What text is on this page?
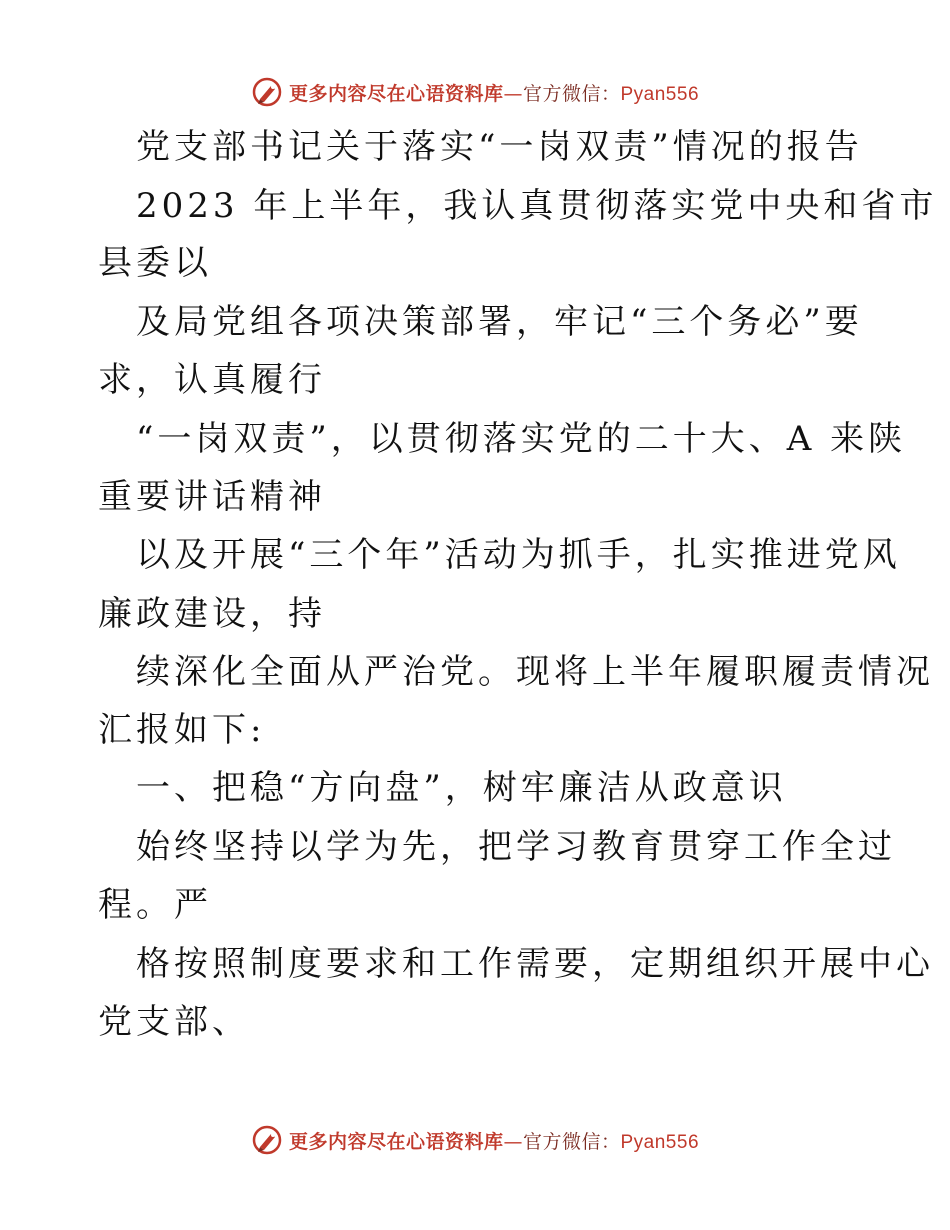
更多内容尽在心语资料库—官方微信：Pyan556
党支部书记关于落实“一岗双责”情况的报告
2023 年上半年，我认真贯彻落实党中央和省市
县委以
及局党组各项决策部署，牢记“三个务必”要
求，认真履行
“一岗双责”，以贯彻落实党的二十大、A 来陕
重要讲话精神
以及开展“三个年”活动为抓手，扎实推进党风
廉政建设，持
续深化全面从严治党。现将上半年履职履责情况
汇报如下:
一、把稳“方向盘”，树牢廉洁从政意识
始终坚持以学为先，把学习教育贯穿工作全过
程。严
格按照制度要求和工作需要，定期组织开展中心
党支部、
更多内容尽在心语资料库—官方微信：Pyan556
